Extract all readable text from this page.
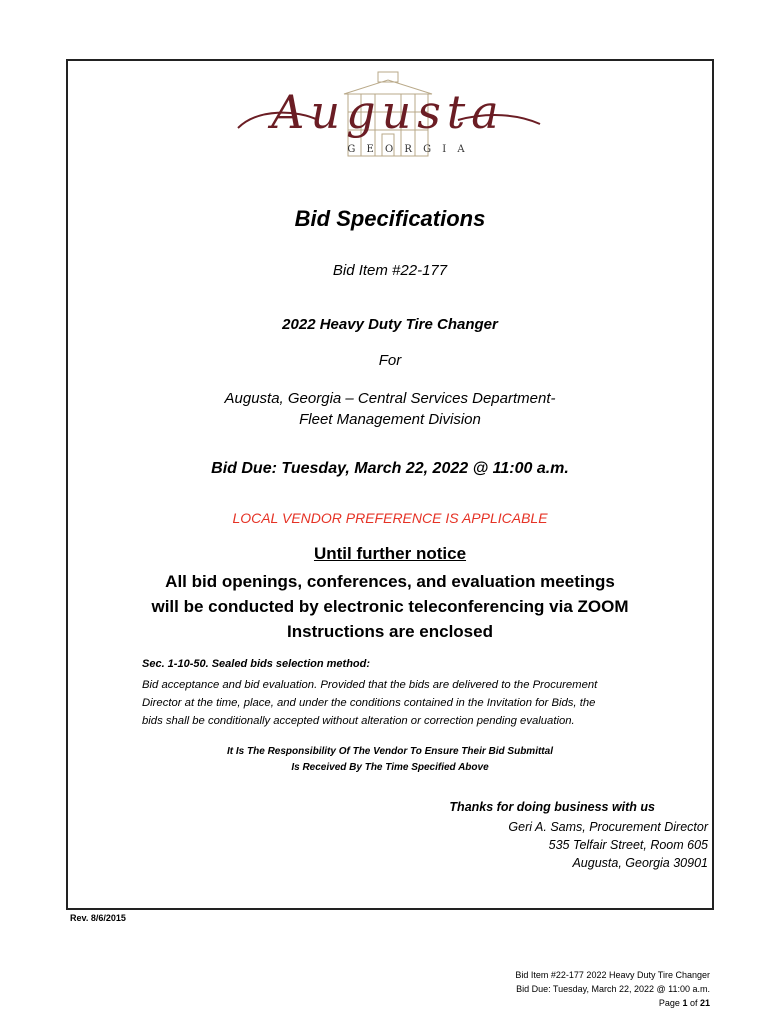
Augusta
G E O R G I A
Bid Specifications
Bid Item #22-177
2022 Heavy Duty Tire Changer
For
Augusta, Georgia – Central Services Department-
Fleet Management Division
Bid Due: Tuesday, March 22, 2022 @ 11:00 a.m.
LOCAL VENDOR PREFERENCE IS APPLICABLE
Until further notice
All bid openings, conferences, and evaluation meetings
will be conducted by electronic teleconferencing via ZOOM
Instructions are enclosed
Sec. 1-10-50. Sealed bids selection method:
Bid acceptance and bid evaluation. Provided that the bids are delivered to the Procurement
Director at the time, place, and under the conditions contained in the Invitation for Bids, the
bids shall be conditionally accepted without alteration or correction pending evaluation.
It Is The Responsibility Of The Vendor To Ensure Their Bid Submittal
Is Received By The Time Specified Above
Thanks for doing business with us
Geri A. Sams, Procurement Director
535 Telfair Street, Room 605
Augusta, Georgia 30901
Rev. 8/6/2015
Bid Item #22-177 2022 Heavy Duty Tire Changer
Bid Due: Tuesday, March 22, 2022 @ 11:00 a.m.
Page 1 of 21
